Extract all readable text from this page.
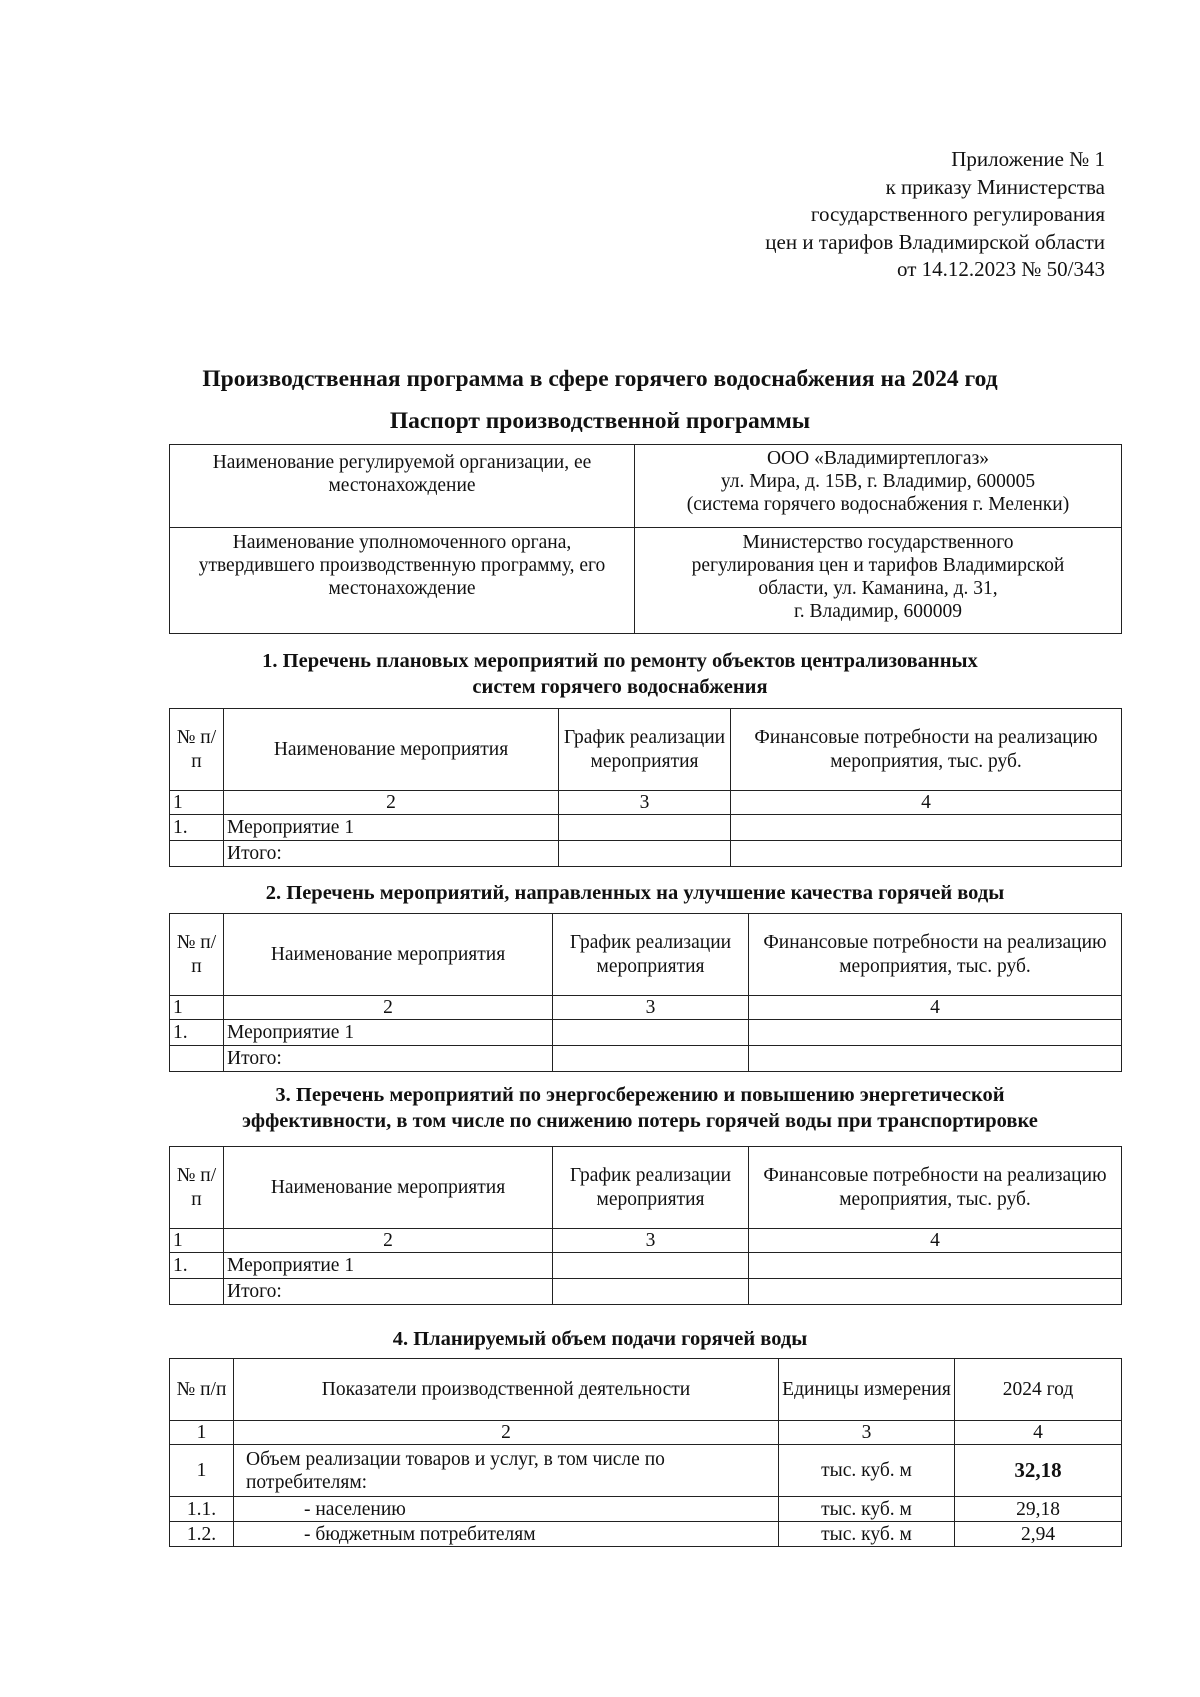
Приложение № 1
к приказу Министерства
государственного регулирования
цен и тарифов Владимирской области
от 14.12.2023 № 50/343
Производственная программа в сфере горячего водоснабжения на 2024 год
Паспорт производственной программы
Наименование регулируемой организации, ее местонахождение	ООО «Владимиртеплогаз»
ул. Мира, д. 15В, г. Владимир, 600005
(система горячего водоснабжения г. Меленки)

Наименование уполномоченного органа, утвердившего производственную программу, его местонахождение	Министерство государственного
регулирования цен и тарифов Владимирской
области, ул. Каманина, д. 31,
г. Владимир, 600009
1. Перечень плановых мероприятий по ремонту объектов централизованных
систем горячего водоснабжения
№ п/п	Наименование мероприятия	График реализации мероприятия	Финансовые потребности на реализацию мероприятия, тыс. руб.
1	2	3	4
1.	Мероприятие 1		
	Итого:		
2. Перечень мероприятий, направленных на улучшение качества горячей воды
№ п/п	Наименование мероприятия	График реализации мероприятия	Финансовые потребности на реализацию мероприятия, тыс. руб.
1	2	3	4
1.	Мероприятие 1		
	Итого:		
3. Перечень мероприятий по энергосбережению и повышению энергетической
эффективности, в том числе по снижению потерь горячей воды при транспортировке
№ п/п	Наименование мероприятия	График реализации мероприятия	Финансовые потребности на реализацию мероприятия, тыс. руб.
1	2	3	4
1.	Мероприятие 1		
	Итого:		
4. Планируемый объем подачи горячей воды
№ п/п	Показатели производственной деятельности	Единицы измерения	2024 год
1	2	3	4
1	Объем реализации товаров и услуг, в том числе по потребителям:	тыс. куб. м	32,18
1.1.	- населению	тыс. куб. м	29,18
1.2.	- бюджетным потребителям	тыс. куб. м	2,94
